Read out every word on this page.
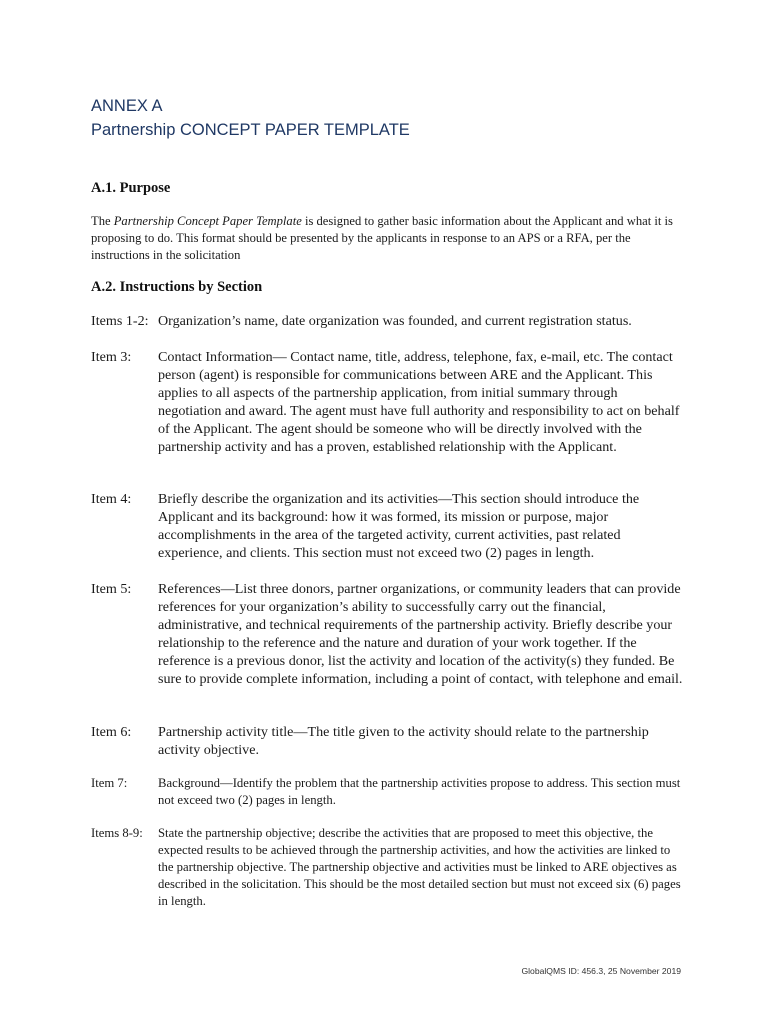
ANNEX A
Partnership CONCEPT PAPER TEMPLATE
A.1. Purpose
The Partnership Concept Paper Template is designed to gather basic information about the Applicant and what it is proposing to do. This format should be presented by the applicants in response to an APS or a RFA, per the instructions in the solicitation
A.2. Instructions by Section
Items 1-2: Organization’s name, date organization was founded, and current registration status.
Item 3: Contact Information— Contact name, title, address, telephone, fax, e-mail, etc. The contact person (agent) is responsible for communications between ARE and the Applicant. This applies to all aspects of the partnership application, from initial summary through negotiation and award. The agent must have full authority and responsibility to act on behalf of the Applicant. The agent should be someone who will be directly involved with the partnership activity and has a proven, established relationship with the Applicant.
Item 4: Briefly describe the organization and its activities—This section should introduce the Applicant and its background: how it was formed, its mission or purpose, major accomplishments in the area of the targeted activity, current activities, past related experience, and clients. This section must not exceed two (2) pages in length.
Item 5: References—List three donors, partner organizations, or community leaders that can provide references for your organization’s ability to successfully carry out the financial, administrative, and technical requirements of the partnership activity. Briefly describe your relationship to the reference and the nature and duration of your work together. If the reference is a previous donor, list the activity and location of the activity(s) they funded. Be sure to provide complete information, including a point of contact, with telephone and email.
Item 6: Partnership activity title—The title given to the activity should relate to the partnership activity objective.
Item 7: Background—Identify the problem that the partnership activities propose to address. This section must not exceed two (2) pages in length.
Items 8-9: State the partnership objective; describe the activities that are proposed to meet this objective, the expected results to be achieved through the partnership activities, and how the activities are linked to the partnership objective. The partnership objective and activities must be linked to ARE objectives as described in the solicitation. This should be the most detailed section but must not exceed six (6) pages in length.
GlobalQMS ID: 456.3, 25 November 2019
